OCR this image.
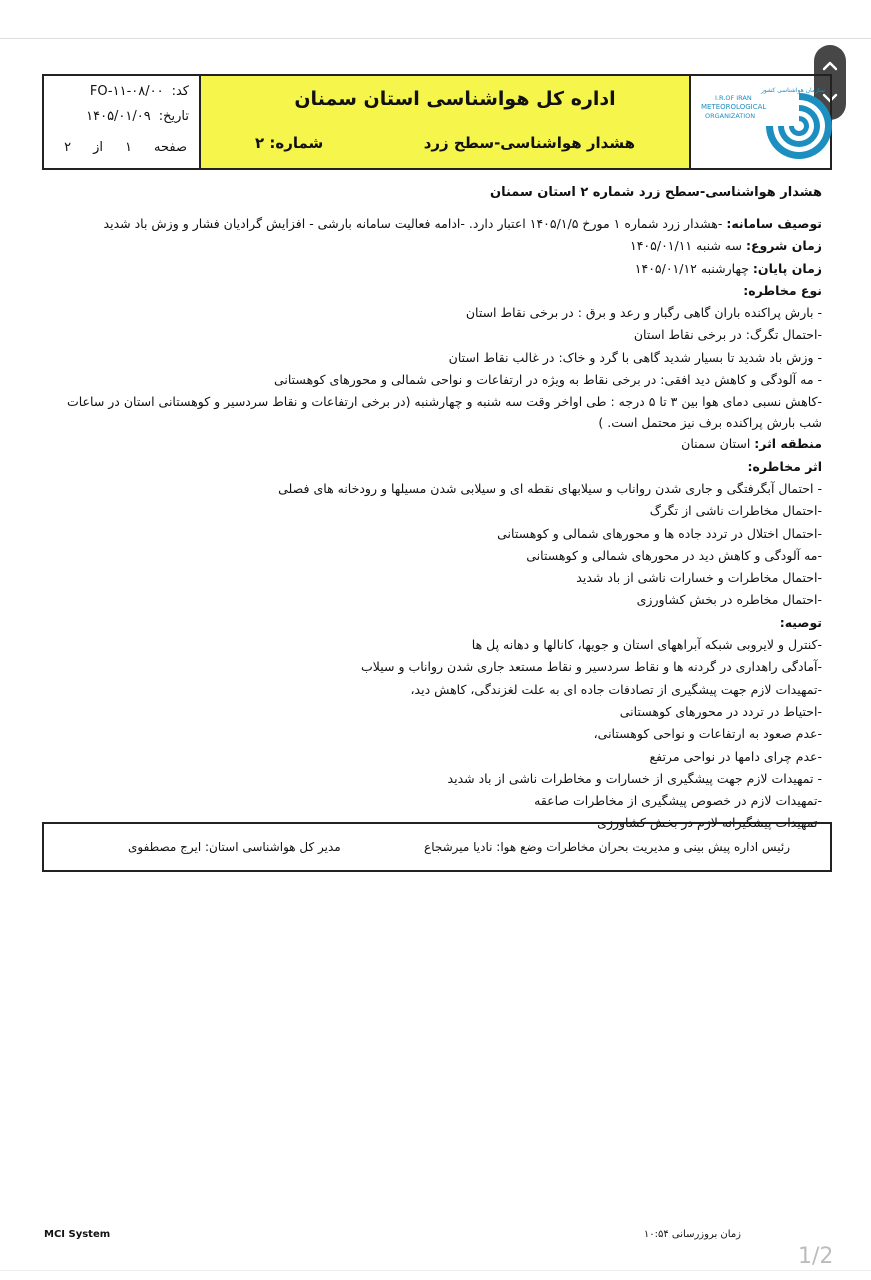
کد:
FO-۱۱-۰۸/۰۰
تاریخ:
۱۴۰۵/۰۱/۰۹
صفحه
۱
از
۲
اداره کل هواشناسی استان سمنان
هشدار هواشناسی-سطح زرد
شماره: ۲
سازمان هواشناسی کشور
I.R.OF IRAN
METEOROLOGICAL
ORGANIZATION
هشدار هواشناسی-سطح زرد شماره ۲ استان سمنان
توصیف سامانه: -هشدار زرد شماره ۱ مورخ ۱۴۰۵/۱/۵ اعتبار دارد. -ادامه فعالیت سامانه بارشی - افزایش گرادیان فشار و وزش باد شدید
زمان شروع: سه شنبه ۱۴۰۵/۰۱/۱۱
زمان پایان: چهارشنبه ۱۴۰۵/۰۱/۱۲
نوع مخاطره:
- بارش پراکنده باران گاهی رگبار و رعد و برق : در برخی نقاط استان
-احتمال تگرگ: در برخی نقاط استان
- وزش باد شدید تا بسیار شدید گاهی با گرد و خاک: در غالب نقاط استان
- مه آلودگی و کاهش دید افقی: در برخی نقاط به ویژه در ارتفاعات و نواحی شمالی و محورهای کوهستانی
-کاهش نسبی دمای هوا بین ۳ تا ۵ درجه : طی اواخر وقت سه شنبه و چهارشنبه (در برخی ارتفاعات و نقاط سردسیر و کوهستانی استان در ساعات شب بارش پراکنده برف نیز محتمل است. )
منطقه اثر: استان سمنان
اثر مخاطره:
- احتمال آبگرفتگی و جاری شدن رواناب و سیلابهای نقطه ای و سیلابی شدن مسیلها و رودخانه های فصلی
-احتمال مخاطرات ناشی از تگرگ
-احتمال اختلال در تردد جاده ها و محورهای شمالی و کوهستانی
-مه آلودگی و کاهش دید در محورهای شمالی و کوهستانی
-احتمال مخاطرات و خسارات ناشی از باد شدید
-احتمال مخاطره در بخش کشاورزی
توصیه:
-کنترل و لایروبی شبکه آبراههای استان و جویها، کانالها و دهانه پل ها
-آمادگی راهداری در گردنه ها و نقاط سردسیر و نقاط مستعد جاری شدن رواناب و سیلاب
-تمهیدات لازم جهت پیشگیری از تصادفات جاده ای به علت لغزندگی، کاهش دید،
-احتیاط در تردد در محورهای کوهستانی
-عدم صعود به ارتفاعات و نواحی کوهستانی،
-عدم چرای دامها در نواحی مرتفع
- تمهیدات لازم جهت پیشگیری از خسارات و مخاطرات ناشی از باد شدید
-تمهیدات لازم در خصوص پیشگیری از مخاطرات صاعقه
-تمهیدات پیشگیرانه لازم در بخش کشاورزی
رئیس اداره پیش بینی و مدیریت بحران مخاطرات وضع هوا: نادیا میرشجاع
مدیر کل هواشناسی استان: ایرج مصطفوی
MCI System	زمان بروزرسانی ۱۰:۵۴
1/2
